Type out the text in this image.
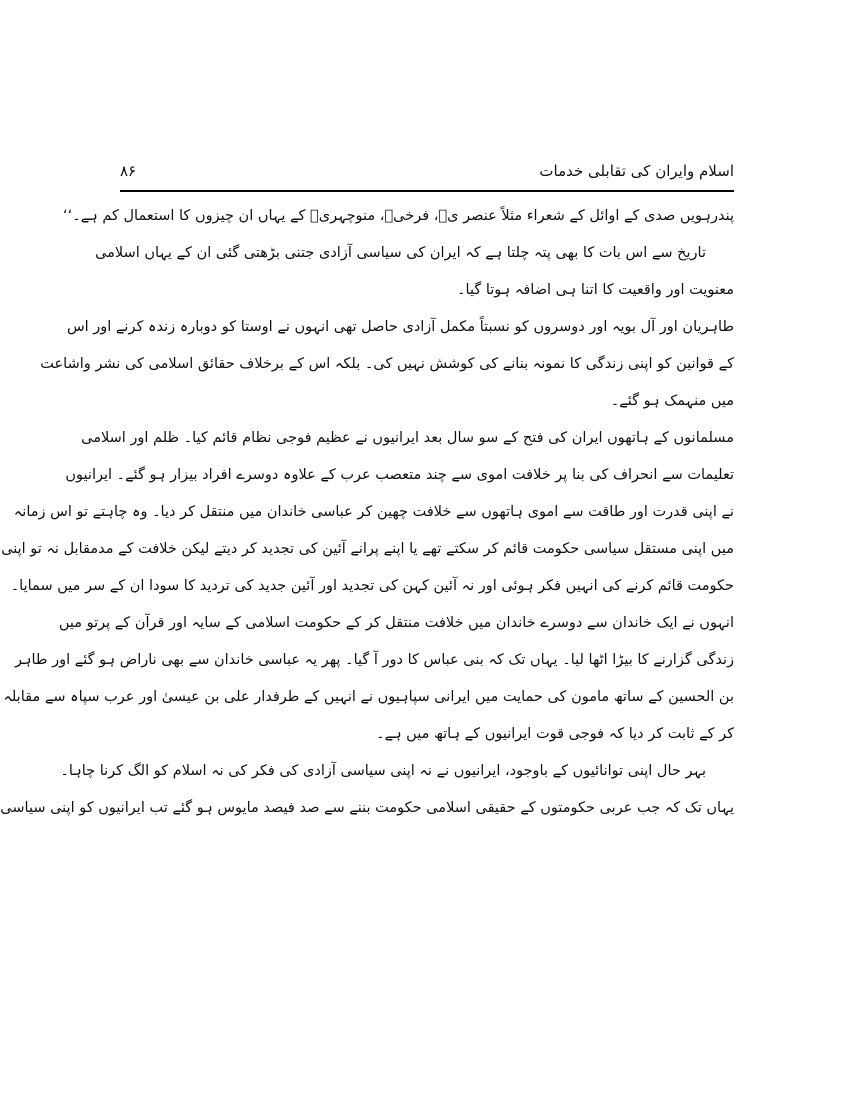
اسلام وایران کی تقابلی خدمات
۸۶
پندرہویں صدی کے اوائل کے شعراء مثلاً عنصر یؔ، فرخیؔ، منوچہریؔ کے یہاں ان چیزوں کا استعمال کم ہے۔‘‘
تاریخ سے اس بات کا بھی پتہ چلتا ہے کہ ایران کی سیاسی آزادی جتنی بڑھتی گئی ان کے یہاں اسلامی
معنویت اور واقعیت کا اتنا ہی اضافہ ہوتا گیا۔
طاہریان اور آل بویہ اور دوسروں کو نسبتاً مکمل آزادی حاصل تھی انہوں نے اوستا کو دوبارہ زندہ کرنے اور اس
کے قوانین کو اپنی زندگی کا نمونہ بنانے کی کوشش نہیں کی۔ بلکہ اس کے برخلاف حقائق اسلامی کی نشر واشاعت
میں منہمک ہو گئے۔
مسلمانوں کے ہاتھوں ایران کی فتح کے سو سال بعد ایرانیوں نے عظیم فوجی نظام قائم کیا۔ ظلم اور اسلامی
تعلیمات سے انحراف کی بنا پر خلافت اموی سے چند متعصب عرب کے علاوہ دوسرے افراد بیزار ہو گئے۔ ایرانیوں
نے اپنی قدرت اور طاقت سے اموی ہاتھوں سے خلافت چھین کر عباسی خاندان میں منتقل کر دیا۔ وہ چاہتے تو اس زمانہ
میں اپنی مستقل سیاسی حکومت قائم کر سکتے تھے یا اپنے پرانے آئین کی تجدید کر دیتے لیکن خلافت کے مدمقابل نہ تو اپنی
حکومت قائم کرنے کی انہیں فکر ہوئی اور نہ آئین کہن کی تجدید اور آئین جدید کی تردید کا سودا ان کے سر میں سمایا۔
انہوں نے ایک خاندان سے دوسرے خاندان میں خلافت منتقل کر کے حکومت اسلامی کے سایہ اور قرآن کے پرتو میں
زندگی گزارنے کا بیڑا اٹھا لیا۔ یہاں تک کہ بنی عباس کا دور آ گیا۔ پھر یہ عباسی خاندان سے بھی ناراض ہو گئے اور طاہر
بن الحسین کے ساتھ مامون کی حمایت میں ایرانی سپاہیوں نے انہیں کے طرفدار علی بن عیسیٰ اور عرب سپاہ سے مقابلہ
کر کے ثابت کر دیا کہ فوجی قوت ایرانیوں کے ہاتھ میں ہے۔
بہر حال اپنی توانائیوں کے باوجود، ایرانیوں نے نہ اپنی سیاسی آزادی کی فکر کی نہ اسلام کو الگ کرنا چاہا۔
یہاں تک کہ جب عربی حکومتوں کے حقیقی اسلامی حکومت بننے سے صد فیصد مایوس ہو گئے تب ایرانیوں کو اپنی سیاسی
